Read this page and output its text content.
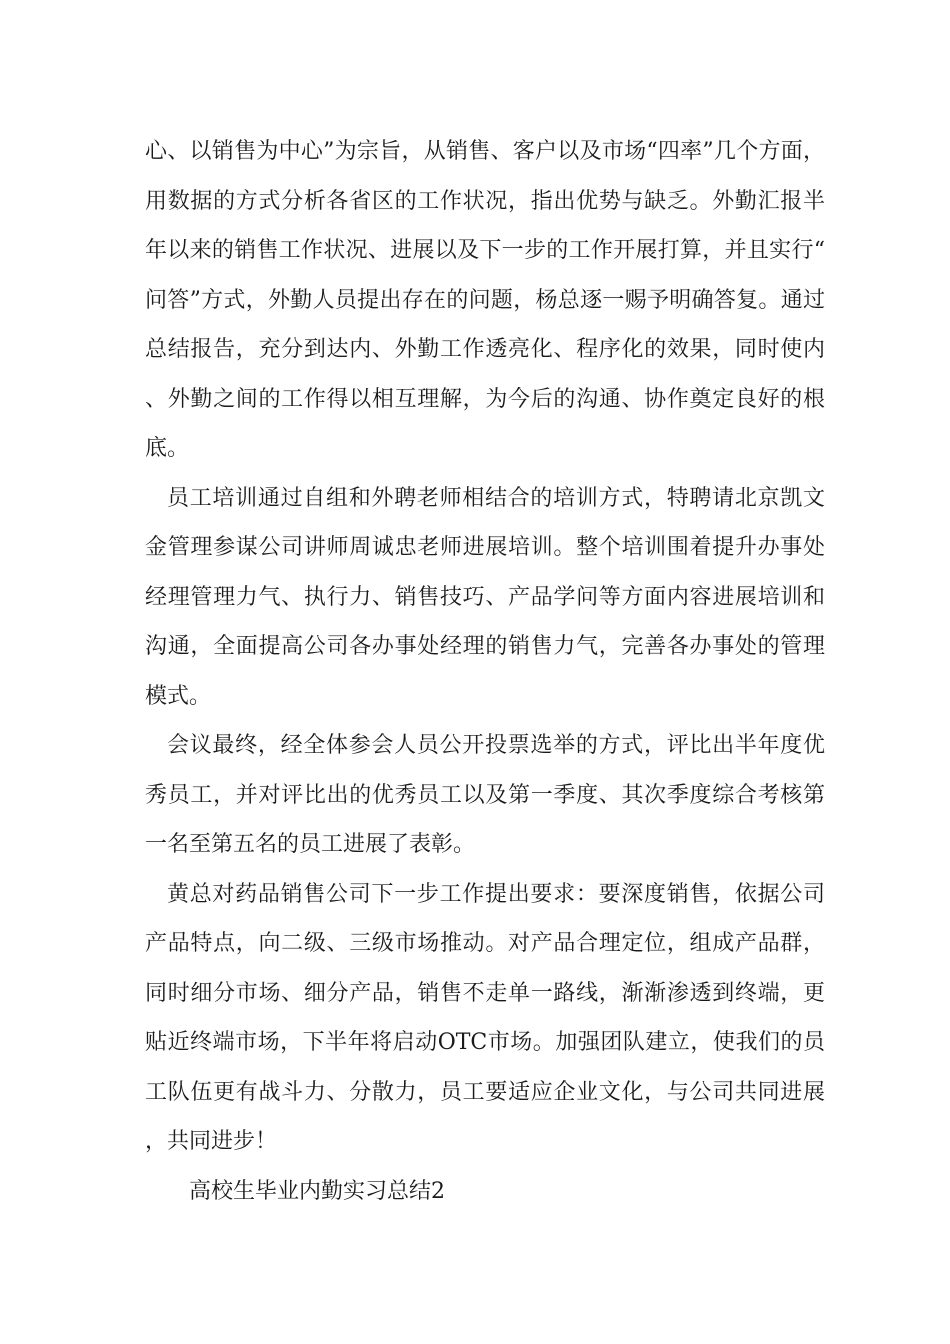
心、以销售为中心”为宗旨，从销售、客户以及市场“四率”几个方面，用数据的方式分析各省区的工作状况，指出优势与缺乏。外勤汇报半年以来的销售工作状况、进展以及下一步的工作开展打算，并且实行“问答”方式，外勤人员提出存在的问题，杨总逐一赐予明确答复。通过总结报告，充分到达内、外勤工作透亮化、程序化的效果，同时使内、外勤之间的工作得以相互理解，为今后的沟通、协作奠定良好的根底。

员工培训通过自组和外聘老师相结合的培训方式，特聘请北京凯文金管理参谋公司讲师周诚忠老师进展培训。整个培训围着提升办事处经理管理力气、执行力、销售技巧、产品学问等方面内容进展培训和沟通，全面提高公司各办事处经理的销售力气，完善各办事处的管理模式。

会议最终，经全体参会人员公开投票选举的方式，评比出半年度优秀员工，并对评比出的优秀员工以及第一季度、其次季度综合考核第一名至第五名的员工进展了表彰。

黄总对药品销售公司下一步工作提出要求：要深度销售，依据公司产品特点，向二级、三级市场推动。对产品合理定位，组成产品群，同时细分市场、细分产品，销售不走单一路线，渐渐渗透到终端，更贴近终端市场，下半年将启动OTC市场。加强团队建立，使我们的员工队伍更有战斗力、分散力，员工要适应企业文化，与公司共同进展，共同进步！

高校生毕业内勤实习总结2
